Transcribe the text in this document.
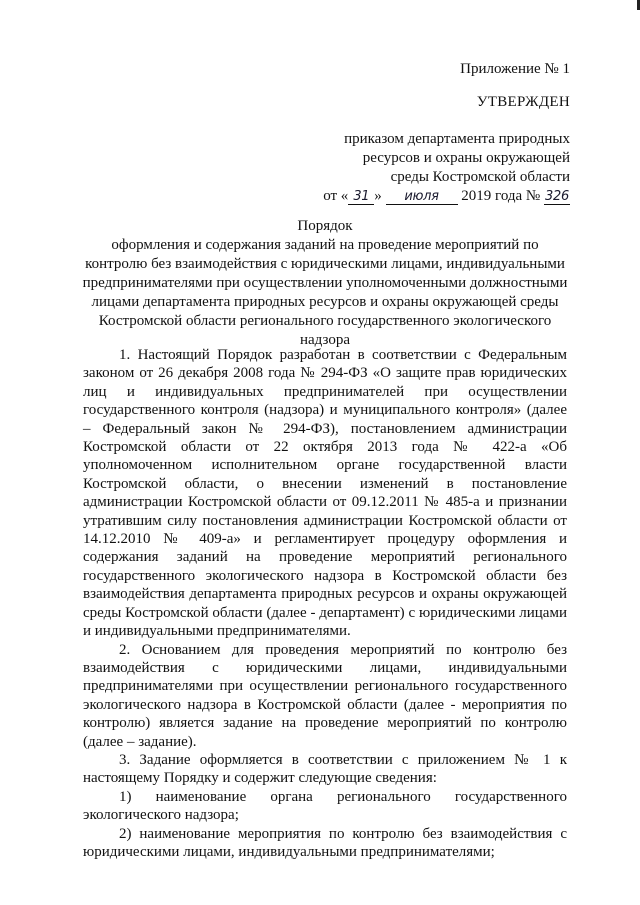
Приложение № 1
УТВЕРЖДЕН
приказом департамента природных
ресурсов и охраны окружающей
среды Костромской области
от « 31 » июля 2019 года № 326
Порядок
оформления и содержания заданий на проведение мероприятий по
контролю без взаимодействия с юридическими лицами, индивидуальными
предпринимателями при осуществлении уполномоченными должностными
лицами департамента природных ресурсов и охраны окружающей среды
Костромской области регионального государственного экологического
надзора

1. Настоящий Порядок разработан в соответствии с Федеральным законом от 26 декабря 2008 года № 294-ФЗ «О защите прав юридических лиц и индивидуальных предпринимателей при осуществлении государственного контроля (надзора) и муниципального контроля» (далее – Федеральный закон № 294-ФЗ), постановлением администрации Костромской области от 22 октября 2013 года № 422-а «Об уполномоченном исполнительном органе государственной власти Костромской области, о внесении изменений в постановление администрации Костромской области от 09.12.2011 № 485-а и признании утратившим силу постановления администрации Костромской области от 14.12.2010 № 409-а» и регламентирует процедуру оформления и содержания заданий на проведение мероприятий регионального государственного экологического надзора в Костромской области без взаимодействия департамента природных ресурсов и охраны окружающей среды Костромской области (далее - департамент) с юридическими лицами и индивидуальными предпринимателями.

2. Основанием для проведения мероприятий по контролю без взаимодействия с юридическими лицами, индивидуальными предпринимателями при осуществлении регионального государственного экологического надзора в Костромской области (далее - мероприятия по контролю) является задание на проведение мероприятий по контролю (далее – задание).

3. Задание оформляется в соответствии с приложением № 1 к настоящему Порядку и содержит следующие сведения:

1) наименование органа регионального государственного

экологического надзора;

2) наименование мероприятия по контролю без взаимодействия с юридическими лицами, индивидуальными предпринимателями;
